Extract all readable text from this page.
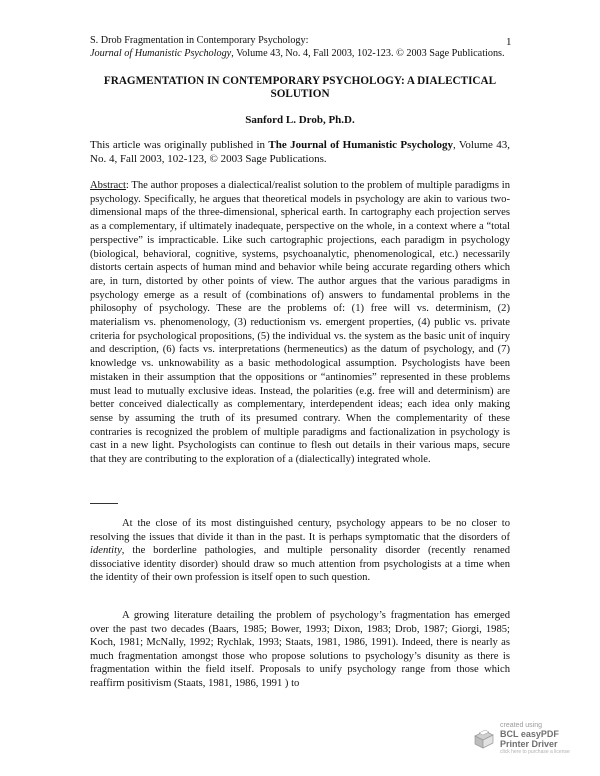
S. Drob Fragmentation in Contemporary Psychology:
Journal of Humanistic Psychology, Volume 43, No. 4, Fall 2003, 102-123. © 2003 Sage Publications.
1
FRAGMENTATION IN CONTEMPORARY PSYCHOLOGY: A DIALECTICAL SOLUTION
Sanford L. Drob, Ph.D.
This article was originally published in The Journal of Humanistic Psychology, Volume 43, No. 4, Fall 2003, 102-123, © 2003 Sage Publications.
Abstract: The author proposes a dialectical/realist solution to the problem of multiple paradigms in psychology. Specifically, he argues that theoretical models in psychology are akin to various two-dimensional maps of the three-dimensional, spherical earth. In cartography each projection serves as a complementary, if ultimately inadequate, perspective on the whole, in a context where a “total perspective” is impracticable. Like such cartographic projections, each paradigm in psychology (biological, behavioral, cognitive, systems, psychoanalytic, phenomenological, etc.) necessarily distorts certain aspects of human mind and behavior while being accurate regarding others which are, in turn, distorted by other points of view. The author argues that the various paradigms in psychology emerge as a result of (combinations of) answers to fundamental problems in the philosophy of psychology. These are the problems of: (1) free will vs. determinism, (2) materialism vs. phenomenology, (3) reductionism vs. emergent properties, (4) public vs. private criteria for psychological propositions, (5) the individual vs. the system as the basic unit of inquiry and description, (6) facts vs. interpretations (hermeneutics) as the datum of psychology, and (7) knowledge vs. unknowability as a basic methodological assumption. Psychologists have been mistaken in their assumption that the oppositions or “antinomies” represented in these problems must lead to mutually exclusive ideas. Instead, the polarities (e.g. free will and determinism) are better conceived dialectically as complementary, interdependent ideas; each idea only making sense by assuming the truth of its presumed contrary. When the complementarity of these contraries is recognized the problem of multiple paradigms and factionalization in psychology is cast in a new light. Psychologists can continue to flesh out details in their various maps, secure that they are contributing to the exploration of a (dialectically) integrated whole.
At the close of its most distinguished century, psychology appears to be no closer to resolving the issues that divide it than in the past. It is perhaps symptomatic that the disorders of identity, the borderline pathologies, and multiple personality disorder (recently renamed dissociative identity disorder) should draw so much attention from psychologists at a time when the identity of their own profession is itself open to such question.
A growing literature detailing the problem of psychology’s fragmentation has emerged over the past two decades (Baars, 1985; Bower, 1993; Dixon, 1983; Drob, 1987; Giorgi, 1985; Koch, 1981; McNally, 1992; Rychlak, 1993; Staats, 1981, 1986, 1991). Indeed, there is nearly as much fragmentation amongst those who propose solutions to psychology’s disunity as there is fragmentation within the field itself. Proposals to unify psychology range from those which reaffirm positivism (Staats, 1981, 1986, 1991 ) to
created using
BCL easyPDF
Printer Driver
click here to purchase a license
